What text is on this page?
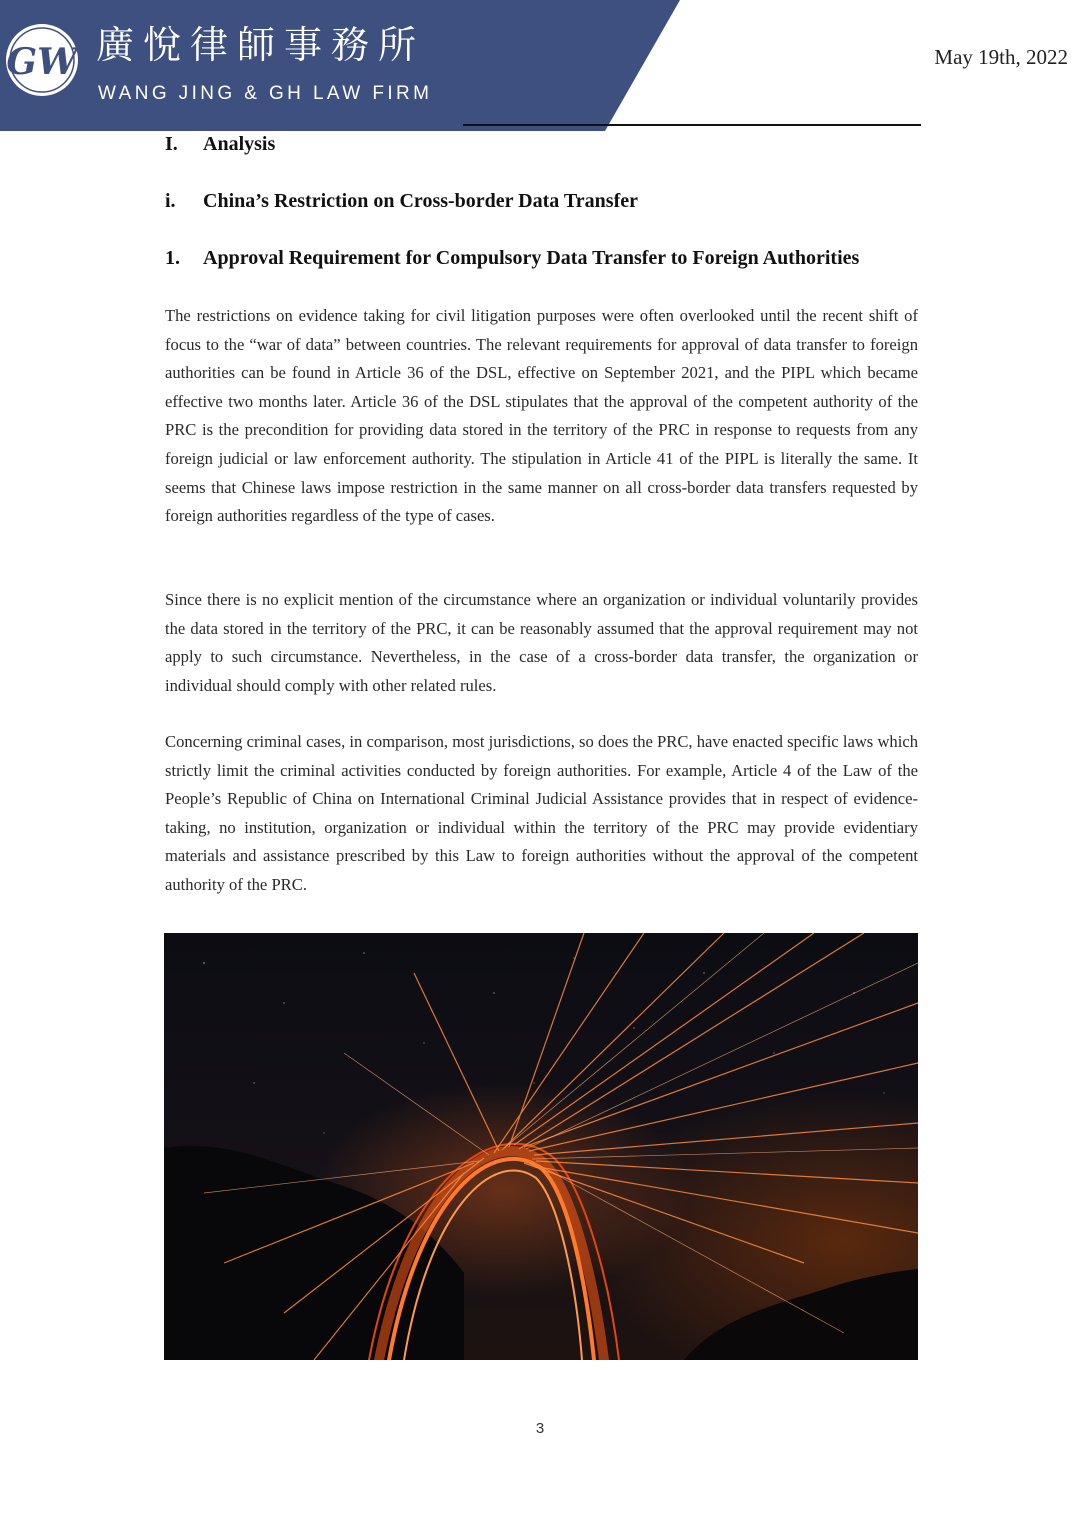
GW 廣悅律師事務所
WANG JING & GH LAW FIRM
May 19th, 2022
I. Analysis
i. China’s Restriction on Cross-border Data Transfer
1. Approval Requirement for Compulsory Data Transfer to Foreign Authorities

The restrictions on evidence taking for civil litigation purposes were often overlooked until the recent shift of focus to the “war of data” between countries. The relevant requirements for approval of data transfer to foreign authorities can be found in Article 36 of the DSL, effective on September 2021, and the PIPL which became effective two months later. Article 36 of the DSL stipulates that the approval of the competent authority of the PRC is the precondition for providing data stored in the territory of the PRC in response to requests from any foreign judicial or law enforcement authority. The stipulation in Article 41 of the PIPL is literally the same. It seems that Chinese laws impose restriction in the same manner on all cross-border data transfers requested by foreign authorities regardless of the type of cases.

Since there is no explicit mention of the circumstance where an organization or individual voluntarily provides the data stored in the territory of the PRC, it can be reasonably assumed that the approval requirement may not apply to such circumstance. Nevertheless, in the case of a cross-border data transfer, the organization or individual should comply with other related rules.

Concerning criminal cases, in comparison, most jurisdictions, so does the PRC, have enacted specific laws which strictly limit the criminal activities conducted by foreign authorities. For example, Article 4 of the Law of the People’s Republic of China on International Criminal Judicial Assistance provides that in respect of evidence-taking, no institution, organization or individual within the territory of the PRC may provide evidentiary materials and assistance prescribed by this Law to foreign authorities without the approval of the competent authority of the PRC.

3
